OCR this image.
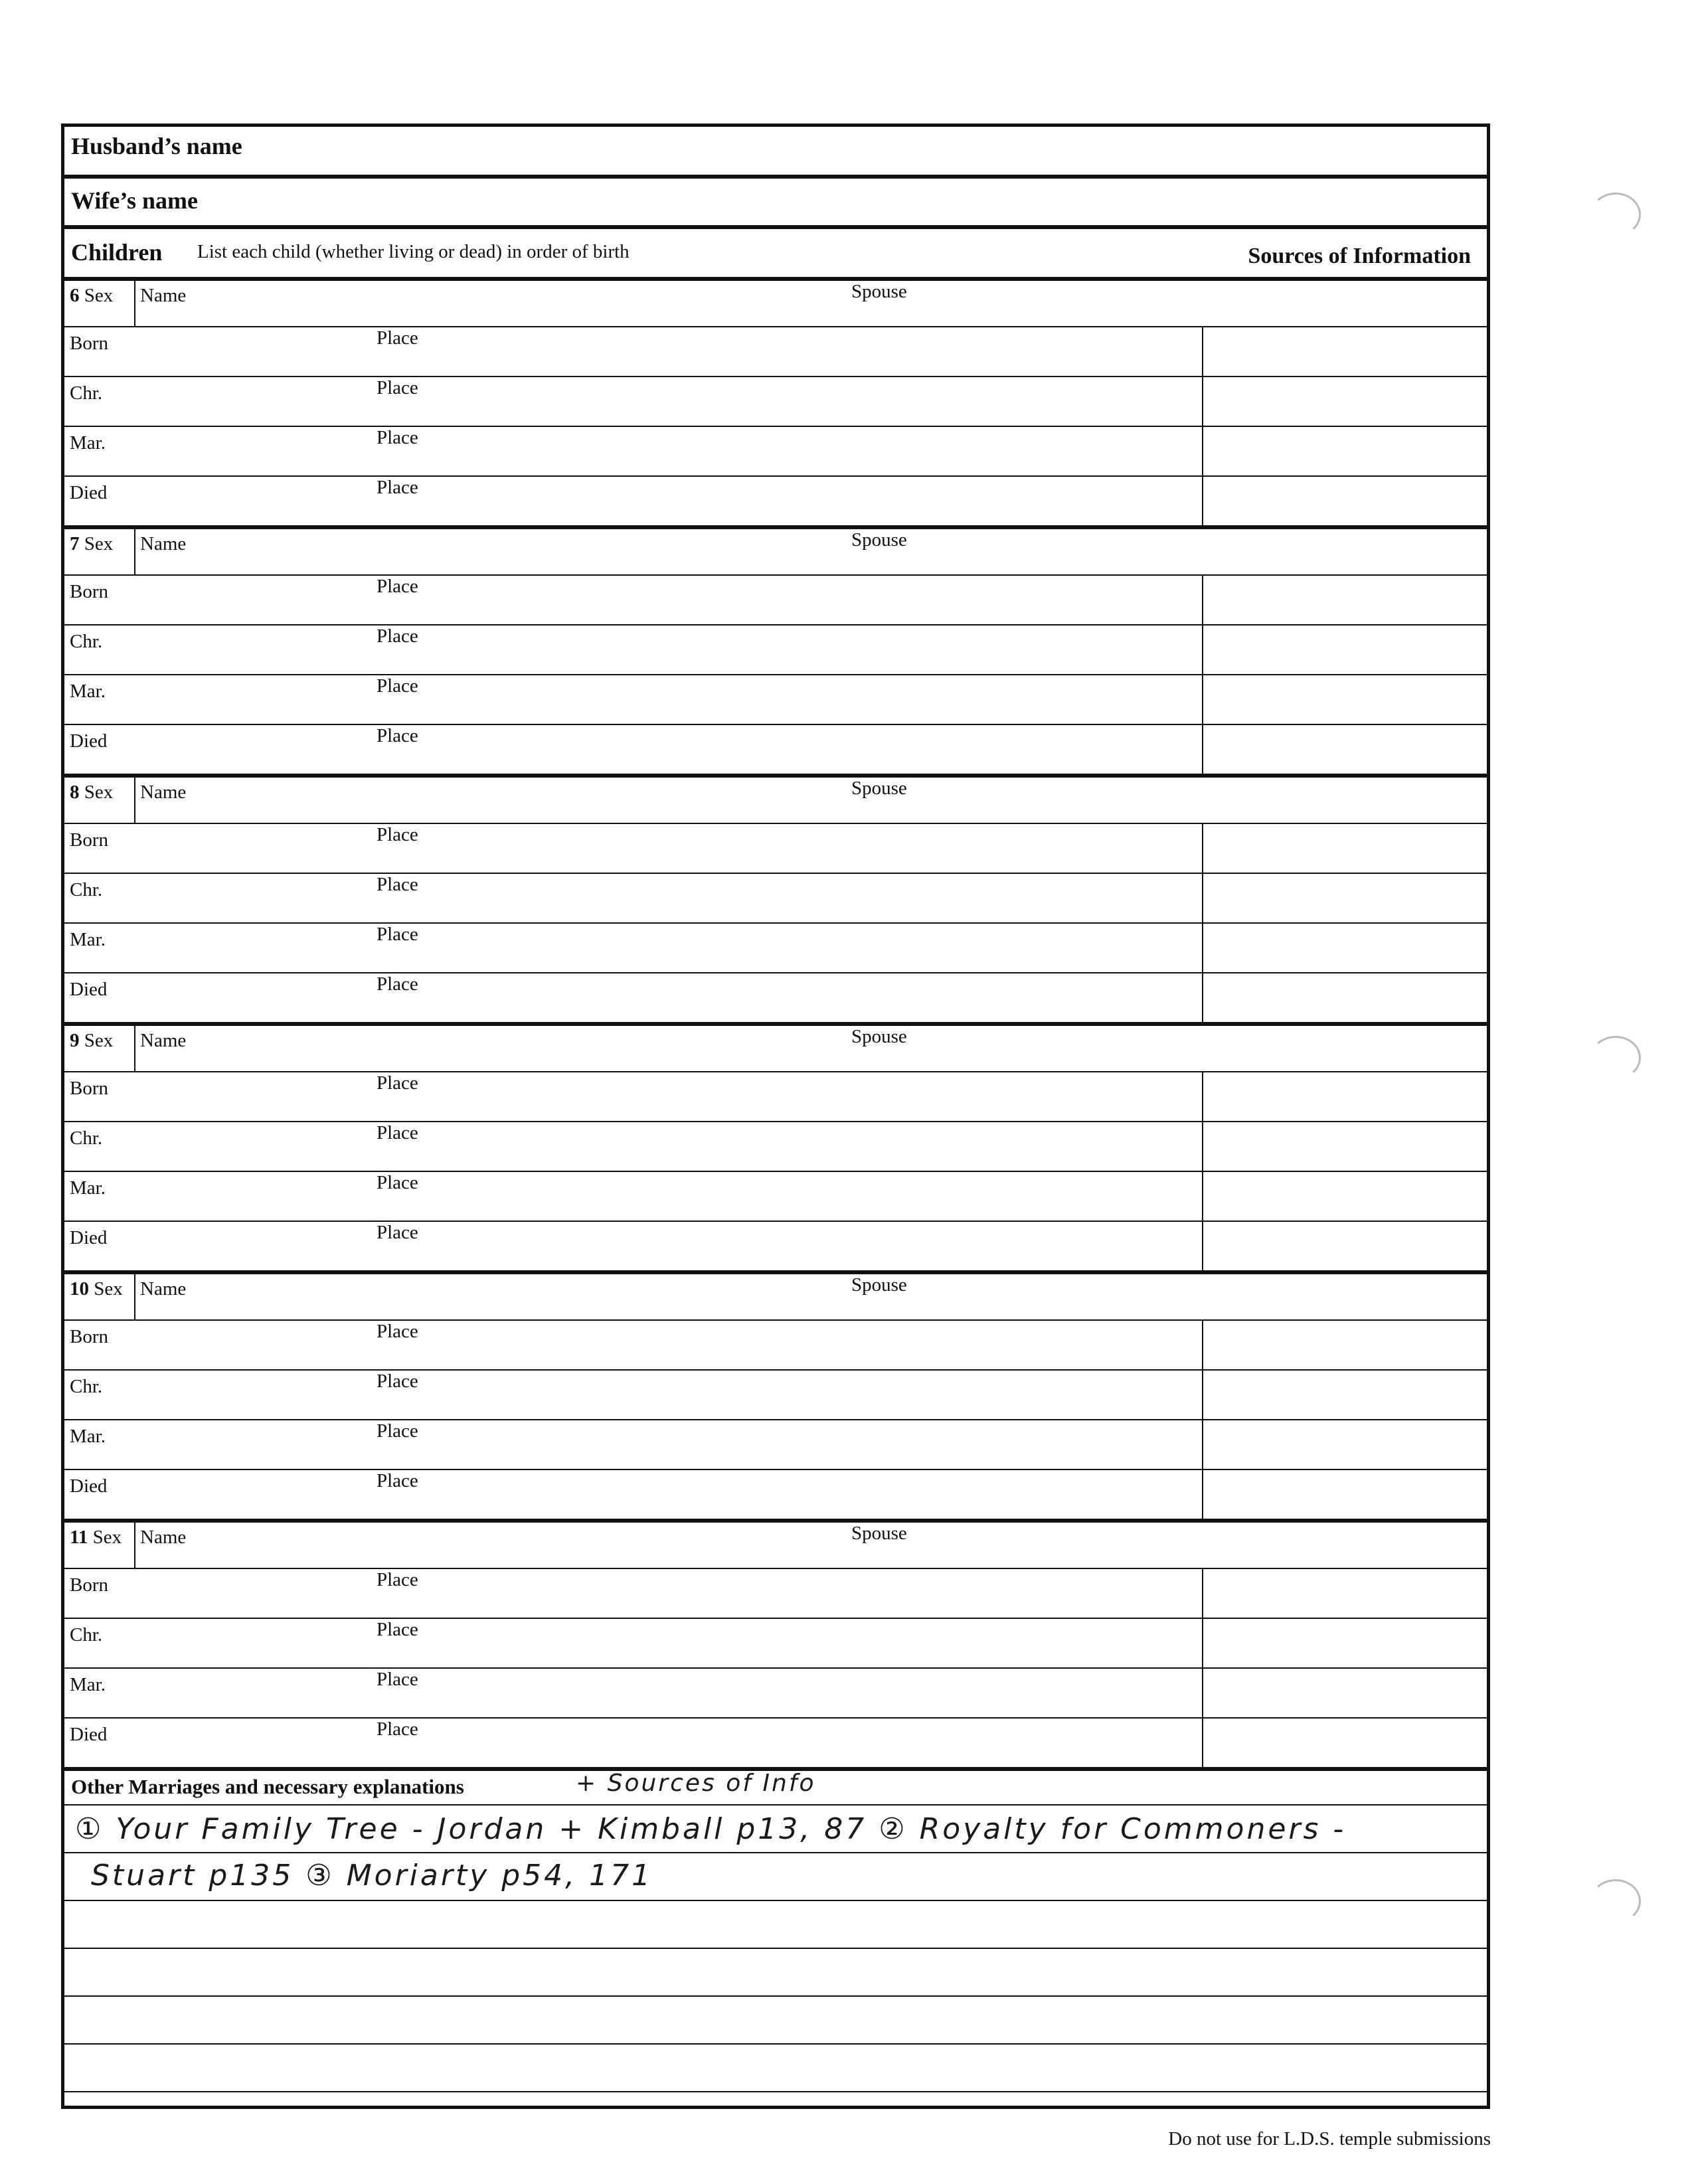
Husband’s name
Wife’s name
Children List each child (whether living or dead) in order of birth	Sources of Information
6 Sex Name	Spouse
Born	Place
Chr.	Place
Mar.	Place
Died	Place
7 Sex Name	Spouse
Born	Place
Chr.	Place
Mar.	Place
Died	Place
8 Sex Name	Spouse
Born	Place
Chr.	Place
Mar.	Place
Died	Place
9 Sex Name	Spouse
Born	Place
Chr.	Place
Mar.	Place
Died	Place
10 Sex Name	Spouse
Born	Place
Chr.	Place
Mar.	Place
Died	Place
11 Sex Name	Spouse
Born	Place
Chr.	Place
Mar.	Place
Died	Place
Other Marriages and necessary explanations	+ Sources of Info
① Your Family Tree - Jordan + Kimball p13, 87 ② Royalty for Commoners -
Stuart p135 ③ Moriarty p54, 171
Do not use for L.D.S. temple submissions
